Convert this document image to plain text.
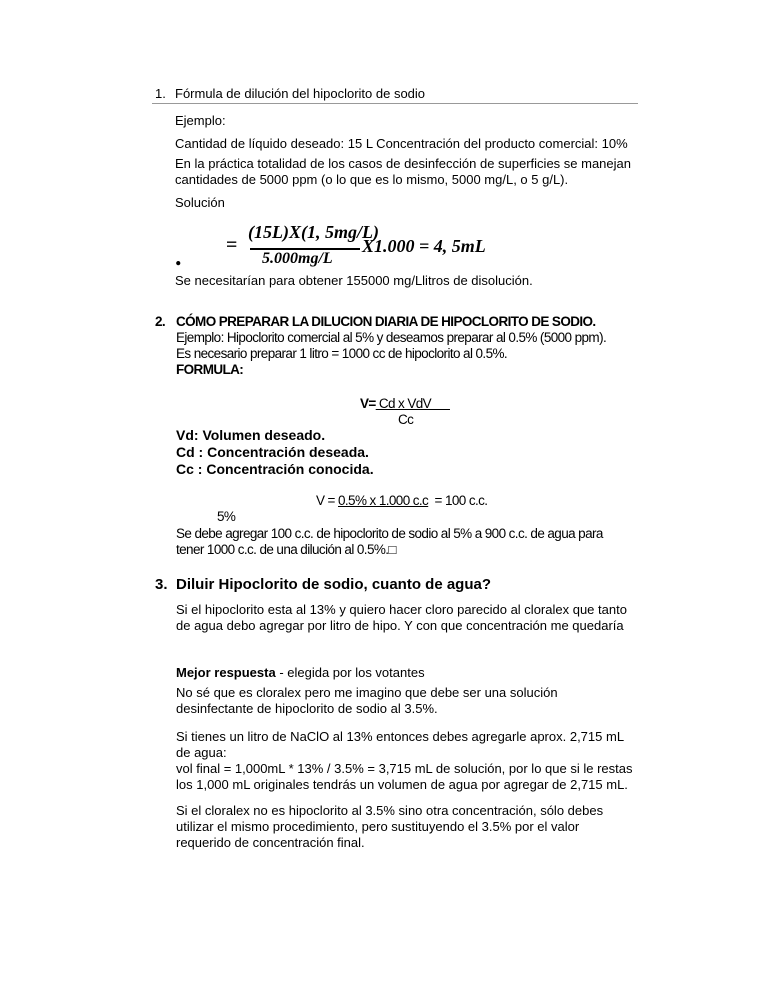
1. Fórmula de dilución del hipoclorito de sodio
Ejemplo:
Cantidad de líquido deseado: 15 L Concentración del producto comercial: 10%
En la práctica totalidad de los casos de desinfección de superficies se manejan
cantidades de 5000 ppm (o lo que es lo mismo, 5000 mg/L, o 5 g/L).
Solución
. =
(15L)X(1, 5mg/L)
5.000mg/L
X1.000 = 4, 5mL
Se necesitarían para obtener 155000 mg/Llitros de disolución.
2. CÓMO PREPARAR LA DILUCION DIARIA DE HIPOCLORITO DE SODIO.
Ejemplo: Hipoclorito comercial al 5% y deseamos preparar al 0.5% (5000 ppm).
Es necesario preparar 1 litro = 1000 cc de hipoclorito al 0.5%.
FORMULA:
V= Cd x VdV
Cc
Vd: Volumen deseado.
Cd : Concentración deseada.
Cc : Concentración conocida.
V = 0.5% x 1.000 c.c  = 100 c.c.
5%
Se debe agregar 100 c.c. de hipoclorito de sodio al 5% a 900 c.c. de agua para
tener 1000 c.c. de una dilución al 0.5%.□
3. Diluir Hipoclorito de sodio, cuanto de agua?
Si el hipoclorito esta al 13% y quiero hacer cloro parecido al cloralex que tanto
de agua debo agregar por litro de hipo. Y con que concentración me quedaría
Mejor respuesta - elegida por los votantes
No sé que es cloralex pero me imagino que debe ser una solución
desinfectante de hipoclorito de sodio al 3.5%.
Si tienes un litro de NaClO al 13% entonces debes agregarle aprox. 2,715 mL
de agua:
vol final = 1,000mL * 13% / 3.5% = 3,715 mL de solución, por lo que si le restas
los 1,000 mL originales tendrás un volumen de agua por agregar de 2,715 mL.
Si el cloralex no es hipoclorito al 3.5% sino otra concentración, sólo debes
utilizar el mismo procedimiento, pero sustituyendo el 3.5% por el valor
requerido de concentración final.
